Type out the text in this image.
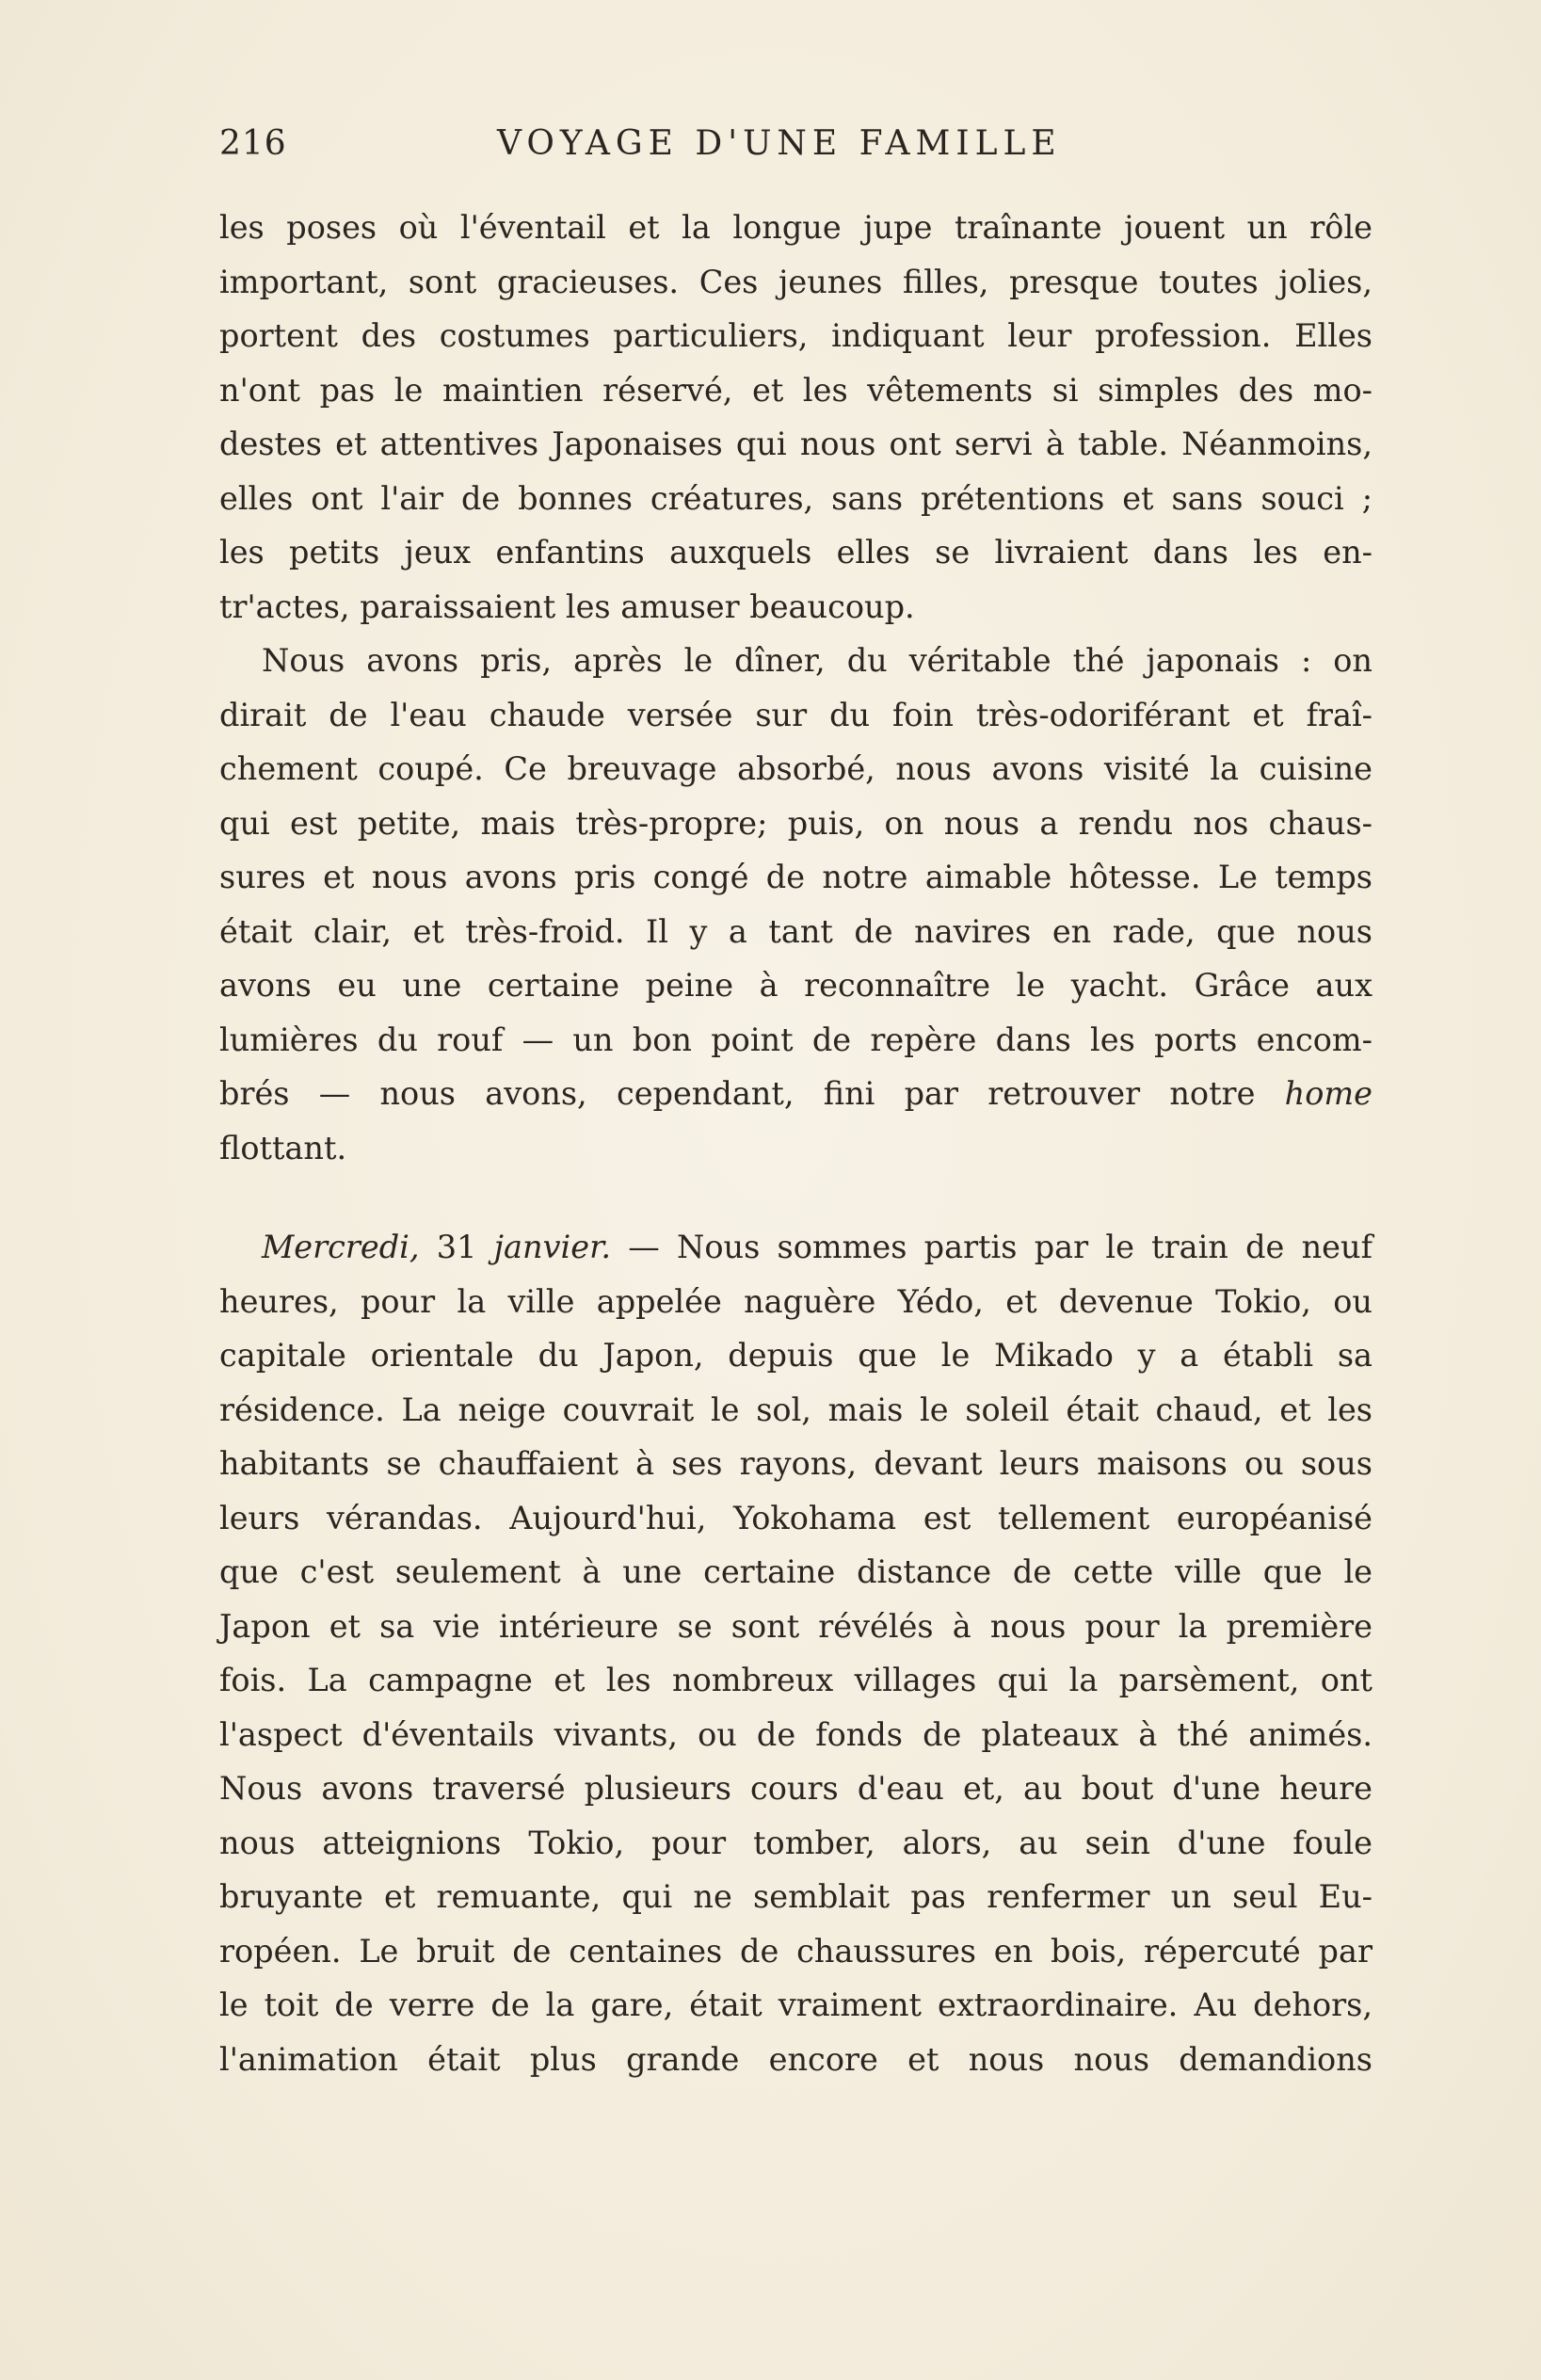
216	VOYAGE D'UNE FAMILLE
les poses où l'éventail et la longue jupe traînante jouent un rôle
important, sont gracieuses. Ces jeunes filles, presque toutes jolies,
portent des costumes particuliers, indiquant leur profession. Elles
n'ont pas le maintien réservé, et les vêtements si simples des mo-
destes et attentives Japonaises qui nous ont servi à table. Néanmoins,
elles ont l'air de bonnes créatures, sans prétentions et sans souci ;
les petits jeux enfantins auxquels elles se livraient dans les en-
tr'actes, paraissaient les amuser beaucoup.
Nous avons pris, après le dîner, du véritable thé japonais : on
dirait de l'eau chaude versée sur du foin très-odoriférant et fraî-
chement coupé. Ce breuvage absorbé, nous avons visité la cuisine
qui est petite, mais très-propre; puis, on nous a rendu nos chaus-
sures et nous avons pris congé de notre aimable hôtesse. Le temps
était clair, et très-froid. Il y a tant de navires en rade, que nous
avons eu une certaine peine à reconnaître le yacht. Grâce aux
lumières du rouf — un bon point de repère dans les ports encom-
brés — nous avons, cependant, fini par retrouver notre home
flottant.
Mercredi, 31 janvier. — Nous sommes partis par le train de neuf
heures, pour la ville appelée naguère Yédo, et devenue Tokio, ou
capitale orientale du Japon, depuis que le Mikado y a établi sa
résidence. La neige couvrait le sol, mais le soleil était chaud, et les
habitants se chauffaient à ses rayons, devant leurs maisons ou sous
leurs vérandas. Aujourd'hui, Yokohama est tellement européanisé
que c'est seulement à une certaine distance de cette ville que le
Japon et sa vie intérieure se sont révélés à nous pour la première
fois. La campagne et les nombreux villages qui la parsèment, ont
l'aspect d'éventails vivants, ou de fonds de plateaux à thé animés.
Nous avons traversé plusieurs cours d'eau et, au bout d'une heure
nous atteignions Tokio, pour tomber, alors, au sein d'une foule
bruyante et remuante, qui ne semblait pas renfermer un seul Eu-
ropéen. Le bruit de centaines de chaussures en bois, répercuté par
le toit de verre de la gare, était vraiment extraordinaire. Au dehors,
l'animation était plus grande encore et nous nous demandions
